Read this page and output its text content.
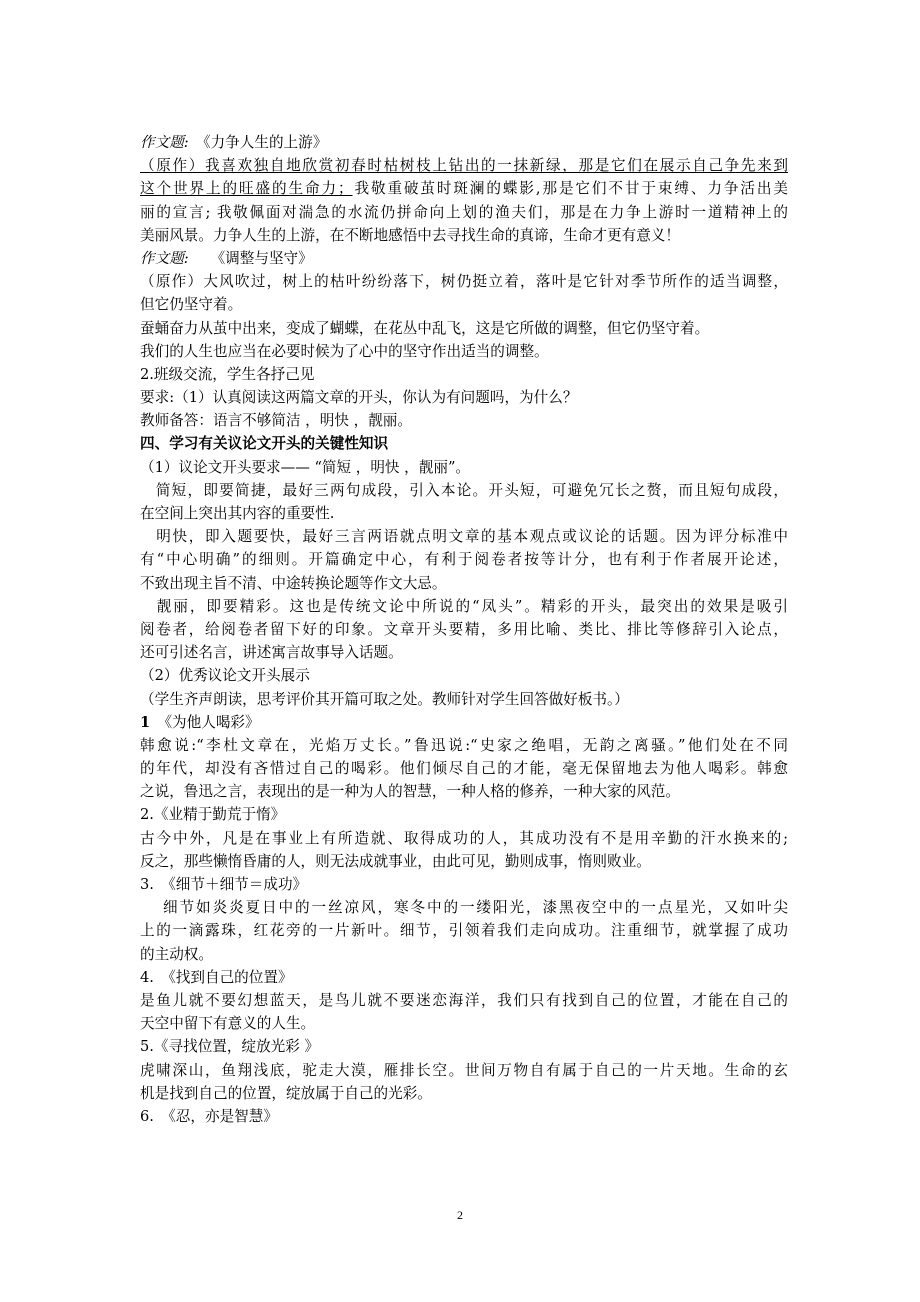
作文题:　《力争人生的上游》
（原作）我喜欢独自地欣赏初春时枯树枝上钻出的一抹新绿，那是它们在展示自己争先来到
这个世界上的旺盛的生命力；我敬重破茧时斑澜的蝶影,那是它们不甘于束缚、力争活出美
丽的宣言; 我敬佩面对湍急的水流仍拼命向上划的渔夫们，那是在力争上游时一道精神上的
美丽风景。力争人生的上游，在不断地感悟中去寻找生命的真谛，生命才更有意义！
作文题:　　《调整与坚守》
（原作）大风吹过，树上的枯叶纷纷落下，树仍挺立着，落叶是它针对季节所作的适当调整，
但它仍坚守着。
蚕蛹奋力从茧中出来，变成了蝴蝶，在花丛中乱飞，这是它所做的调整，但它仍坚守着。
我们的人生也应当在必要时候为了心中的坚守作出适当的调整。
2.班级交流，学生各抒己见
要求:（1）认真阅读这两篇文章的开头，你认为有问题吗，为什么？
教师备答：语言不够简洁 ，明快 ，靓丽。
四、学习有关议论文开头的关键性知识
（1）议论文开头要求—— “简短 ，明快 ，靓丽”。
　简短，即要简捷，最好三两句成段，引入本论。开头短，可避免冗长之赘，而且短句成段，
在空间上突出其内容的重要性.
　明快，即入题要快，最好三言两语就点明文章的基本观点或议论的话题。因为评分标准中
有“中心明确”的细则。开篇确定中心，有利于阅卷者按等计分，也有利于作者展开论述，
不致出现主旨不清、中途转换论题等作文大忌。
　靓丽，即要精彩。这也是传统文论中所说的“凤头”。精彩的开头，最突出的效果是吸引
阅卷者，给阅卷者留下好的印象。文章开头要精，多用比喻、类比、排比等修辞引入论点，
还可引述名言，讲述寓言故事导入话题。
（2）优秀议论文开头展示
（学生齐声朗读，思考评价其开篇可取之处。教师针对学生回答做好板书。）
1　《为他人喝彩》
韩愈说:“李杜文章在，光焰万丈长。”鲁迅说:“史家之绝唱，无韵之离骚。”他们处在不同
的年代，却没有吝惜过自己的喝彩。他们倾尽自己的才能，毫无保留地去为他人喝彩。韩愈
之说，鲁迅之言，表现出的是一种为人的智慧，一种人格的修养，一种大家的风范。
2.《业精于勤荒于惰》
古今中外，凡是在事业上有所造就、取得成功的人，其成功没有不是用辛勤的汗水换来的;
反之，那些懒惰昏庸的人，则无法成就事业，由此可见，勤则成事，惰则败业。
3.　《细节＋细节＝成功》
　 细节如炎炎夏日中的一丝凉风，寒冬中的一缕阳光，漆黑夜空中的一点星光，又如叶尖
上的一滴露珠，红花旁的一片新叶。细节，引领着我们走向成功。注重细节，就掌握了成功
的主动权。
4.　《找到自己的位置》
是鱼儿就不要幻想蓝天，是鸟儿就不要迷恋海洋，我们只有找到自己的位置，才能在自己的
天空中留下有意义的人生。
5.《寻找位置，绽放光彩 》
虎啸深山，鱼翔浅底，驼走大漠，雁排长空。世间万物自有属于自己的一片天地。生命的玄
机是找到自己的位置，绽放属于自己的光彩。
6.　《忍，亦是智慧》
2
